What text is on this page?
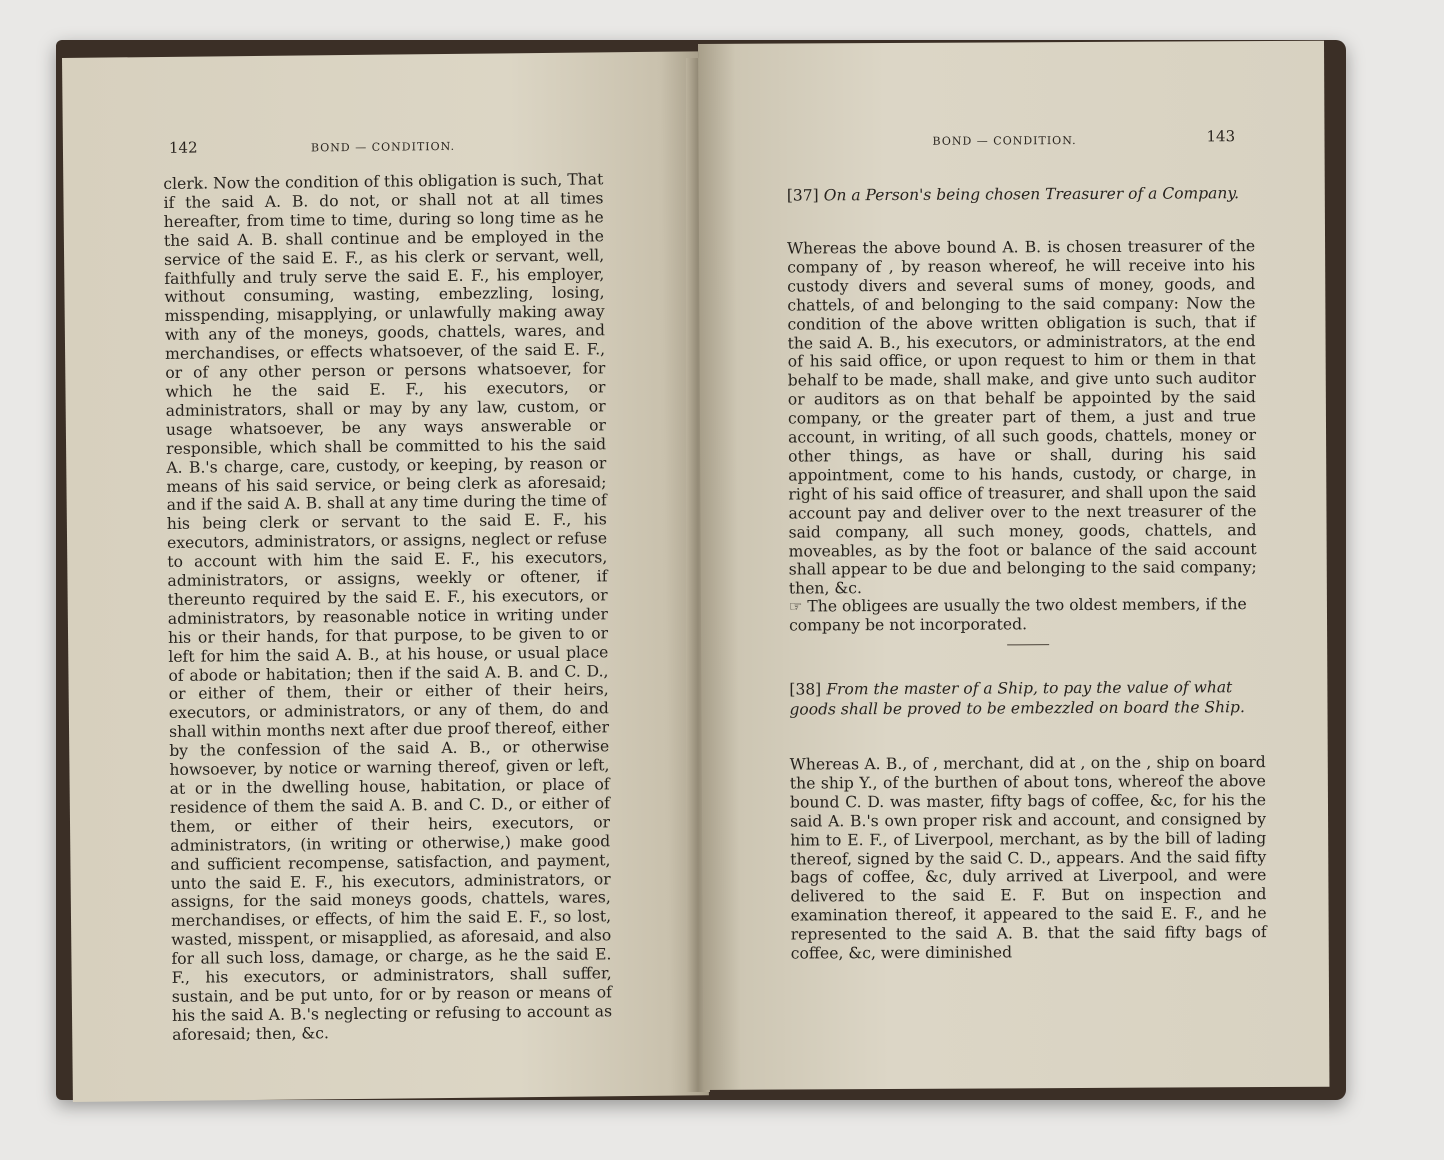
142	BOND — CONDITION.
clerk. Now the condition of this obligation is such, That if the said A. B. do not, or shall not at all times hereafter, from time to time, during so long time as he the said A. B. shall continue and be employed in the service of the said E. F., as his clerk or servant, well, faithfully and truly serve the said E. F., his employer, without consuming, wasting, embezzling, losing, misspending, misapplying, or unlawfully making away with any of the moneys, goods, chattels, wares, and merchandises, or effects whatsoever, of the said E. F., or of any other person or persons whatsoever, for which he the said E. F., his executors, or administrators, shall or may by any law, custom, or usage whatsoever, be any ways answerable or responsible, which shall be committed to his the said A. B.'s charge, care, custody, or keeping, by reason or means of his said service, or being clerk as aforesaid; and if the said A. B. shall at any time during the time of his being clerk or servant to the said E. F., his executors, administrators, or assigns, neglect or refuse to account with him the said E. F., his executors, administrators, or assigns, weekly or oftener, if thereunto required by the said E. F., his executors, or administrators, by reasonable notice in writing under his or their hands, for that purpose, to be given to or left for him the said A. B., at his house, or usual place of abode or habitation; then if the said A. B. and C. D., or either of them, their or either of their heirs, executors, or administrators, or any of them, do and shall within months next after due proof thereof, either by the confession of the said A. B., or otherwise howsoever, by notice or warning thereof, given or left, at or in the dwelling house, habitation, or place of residence of them the said A. B. and C. D., or either of them, or either of their heirs, executors, or administrators, (in writing or otherwise,) make good and sufficient recompense, satisfaction, and payment, unto the said E. F., his executors, administrators, or assigns, for the said moneys goods, chattels, wares, merchandises, or effects, of him the said E. F., so lost, wasted, misspent, or misapplied, as aforesaid, and also for all such loss, damage, or charge, as he the said E. F., his executors, or administrators, shall suffer, sustain, and be put unto, for or by reason or means of his the said A. B.'s neglecting or refusing to account as aforesaid; then, &c.
BOND — CONDITION.	143
[37] On a Person's being chosen Treasurer of a Company.
Whereas the above bound A. B. is chosen treasurer of the company of , by reason whereof, he will receive into his custody divers and several sums of money, goods, and chattels, of and belonging to the said company: Now the condition of the above written obligation is such, that if the said A. B., his executors, or administrators, at the end of his said office, or upon request to him or them in that behalf to be made, shall make, and give unto such auditor or auditors as on that behalf be appointed by the said company, or the greater part of them, a just and true account, in writing, of all such goods, chattels, money or other things, as have or shall, during his said appointment, come to his hands, custody, or charge, in right of his said office of treasurer, and shall upon the said account pay and deliver over to the next treasurer of the said company, all such money, goods, chattels, and moveables, as by the foot or balance of the said account shall appear to be due and belonging to the said company; then, &c.
☞ The obligees are usually the two oldest members, if the company be not incorporated.
[38] From the master of a Ship, to pay the value of what goods shall be proved to be embezzled on board the Ship.
Whereas A. B., of , merchant, did at , on the , ship on board the ship Y., of the burthen of about tons, whereof the above bound C. D. was master, fifty bags of coffee, &c, for his the said A. B.'s own proper risk and account, and consigned by him to E. F., of Liverpool, merchant, as by the bill of lading thereof, signed by the said C. D., appears. And the said fifty bags of coffee, &c, duly arrived at Liverpool, and were delivered to the said E. F. But on inspection and examination thereof, it appeared to the said E. F., and he represented to the said A. B. that the said fifty bags of coffee, &c, were diminished
